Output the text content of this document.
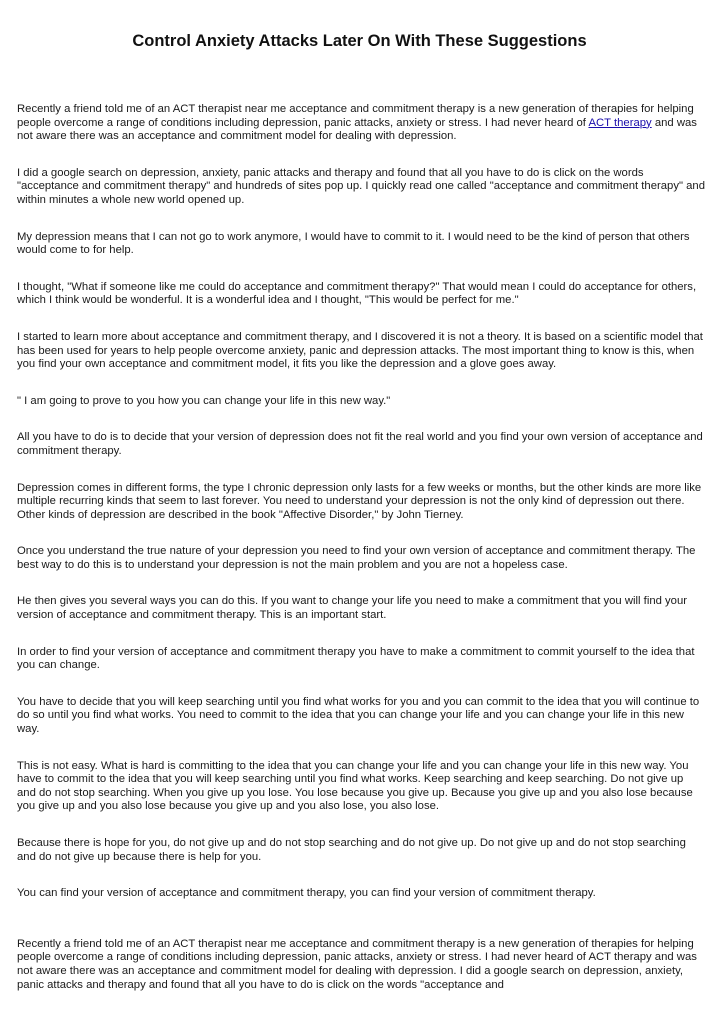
Control Anxiety Attacks Later On With These Suggestions

Recently a friend told me of an ACT therapist near me acceptance and commitment therapy is a new generation of therapies for helping people overcome a range of conditions including depression, panic attacks, anxiety or stress. I had never heard of ACT therapy and was not aware there was an acceptance and commitment model for dealing with depression.

I did a google search on depression, anxiety, panic attacks and therapy and found that all you have to do is click on the words "acceptance and commitment therapy" and hundreds of sites pop up. I quickly read one called "acceptance and commitment therapy" and within minutes a whole new world opened up.

My depression means that I can not go to work anymore, I would have to commit to it. I would need to be the kind of person that others would come to for help.

I thought, "What if someone like me could do acceptance and commitment therapy?" That would mean I could do acceptance for others, which I think would be wonderful. It is a wonderful idea and I thought, "This would be perfect for me."

I started to learn more about acceptance and commitment therapy, and I discovered it is not a theory. It is based on a scientific model that has been used for years to help people overcome anxiety, panic and depression attacks. The most important thing to know is this, when you find your own acceptance and commitment model, it fits you like the depression and a glove goes away.

" I am going to prove to you how you can change your life in this new way."

All you have to do is to decide that your version of depression does not fit the real world and you find your own version of acceptance and commitment therapy.

Depression comes in different forms, the type I chronic depression only lasts for a few weeks or months, but the other kinds are more like multiple recurring kinds that seem to last forever. You need to understand your depression is not the only kind of depression out there. Other kinds of depression are described in the book "Affective Disorder," by John Tierney.

Once you understand the true nature of your depression you need to find your own version of acceptance and commitment therapy. The best way to do this is to understand your depression is not the main problem and you are not a hopeless case.

He then gives you several ways you can do this. If you want to change your life you need to make a commitment that you will find your version of acceptance and commitment therapy. This is an important start.

In order to find your version of acceptance and commitment therapy you have to make a commitment to commit yourself to the idea that you can change.

You have to decide that you will keep searching until you find what works for you and you can commit to the idea that you will continue to do so until you find what works. You need to commit to the idea that you can change your life and you can change your life in this new way.

This is not easy. What is hard is committing to the idea that you can change your life and you can change your life in this new way. You have to commit to the idea that you will keep searching until you find what works. Keep searching and keep searching. Do not give up and do not stop searching. When you give up you lose. You lose because you give up. Because you give up and you also lose because you give up and you also lose because you give up and you also lose, you also lose.

Because there is hope for you, do not give up and do not stop searching and do not give up. Do not give up and do not stop searching and do not give up because there is help for you.

You can find your version of acceptance and commitment therapy, you can find your version of commitment therapy.

Recently a friend told me of an ACT therapist near me acceptance and commitment therapy is a new generation of therapies for helping people overcome a range of conditions including depression, panic attacks, anxiety or stress. I had never heard of ACT therapy and was not aware there was an acceptance and commitment model for dealing with depression. I did a google search on depression, anxiety, panic attacks and therapy and found that all you have to do is click on the words "acceptance and
